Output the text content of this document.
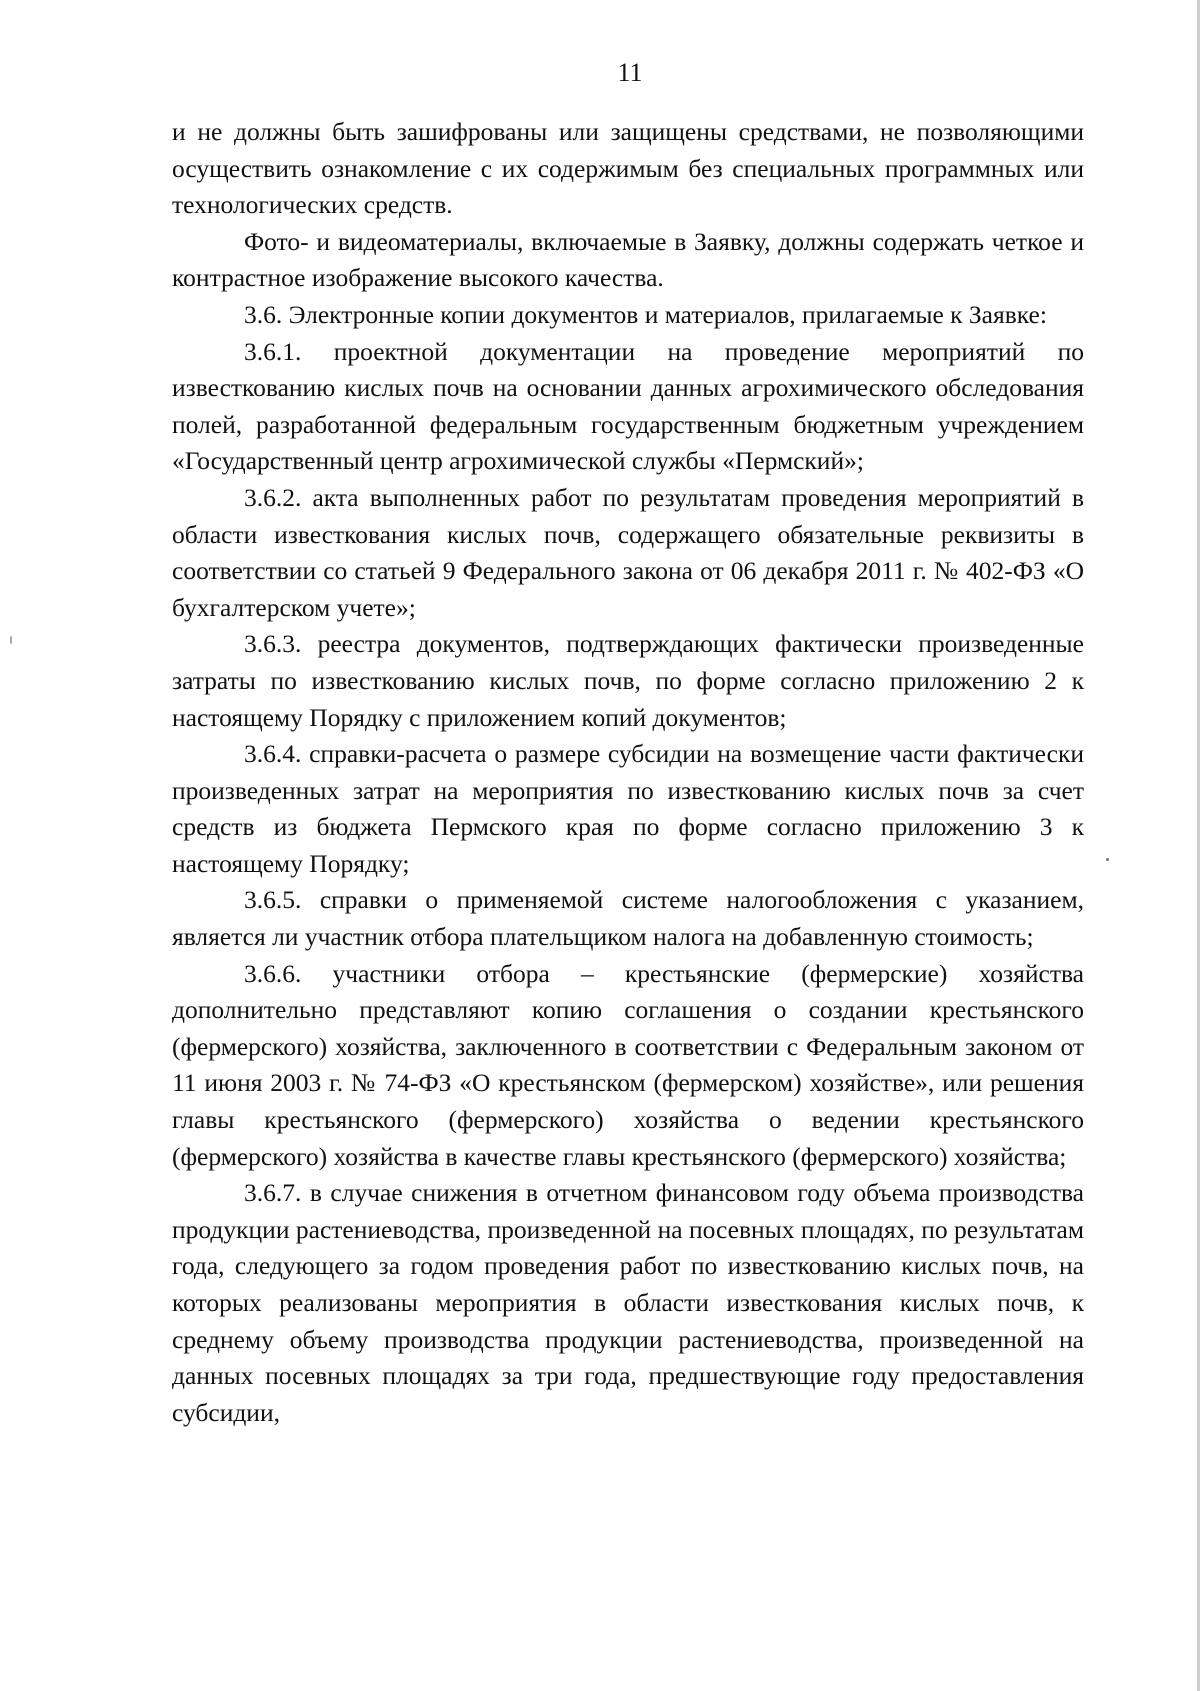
11

и не должны быть зашифрованы или защищены средствами, не позволяющими осуществить ознакомление с их содержимым без специальных программных или технологических средств.

Фото- и видеоматериалы, включаемые в Заявку, должны содержать четкое и контрастное изображение высокого качества.

3.6. Электронные копии документов и материалов, прилагаемые к Заявке:

3.6.1. проектной документации на проведение мероприятий по известкованию кислых почв на основании данных агрохимического обследования полей, разработанной федеральным государственным бюджетным учреждением «Государственный центр агрохимической службы «Пермский»;

3.6.2. акта выполненных работ по результатам проведения мероприятий в области известкования кислых почв, содержащего обязательные реквизиты в соответствии со статьей 9 Федерального закона от 06 декабря 2011 г. № 402-ФЗ «О бухгалтерском учете»;

3.6.3. реестра документов, подтверждающих фактически произведенные затраты по известкованию кислых почв, по форме согласно приложению 2 к настоящему Порядку с приложением копий документов;

3.6.4. справки-расчета о размере субсидии на возмещение части фактически произведенных затрат на мероприятия по известкованию кислых почв за счет средств из бюджета Пермского края по форме согласно приложению 3 к настоящему Порядку;

3.6.5. справки о применяемой системе налогообложения с указанием, является ли участник отбора плательщиком налога на добавленную стоимость;

3.6.6. участники отбора – крестьянские (фермерские) хозяйства дополнительно представляют копию соглашения о создании крестьянского (фермерского) хозяйства, заключенного в соответствии с Федеральным законом от 11 июня 2003 г. № 74-ФЗ «О крестьянском (фермерском) хозяйстве», или решения главы крестьянского (фермерского) хозяйства о ведении крестьянского (фермерского) хозяйства в качестве главы крестьянского (фермерского) хозяйства;

3.6.7. в случае снижения в отчетном финансовом году объема производства продукции растениеводства, произведенной на посевных площадях, по результатам года, следующего за годом проведения работ по известкованию кислых почв, на которых реализованы мероприятия в области известкования кислых почв, к среднему объему производства продукции растениеводства, произведенной на данных посевных площадях за три года, предшествующие году предоставления субсидии,
